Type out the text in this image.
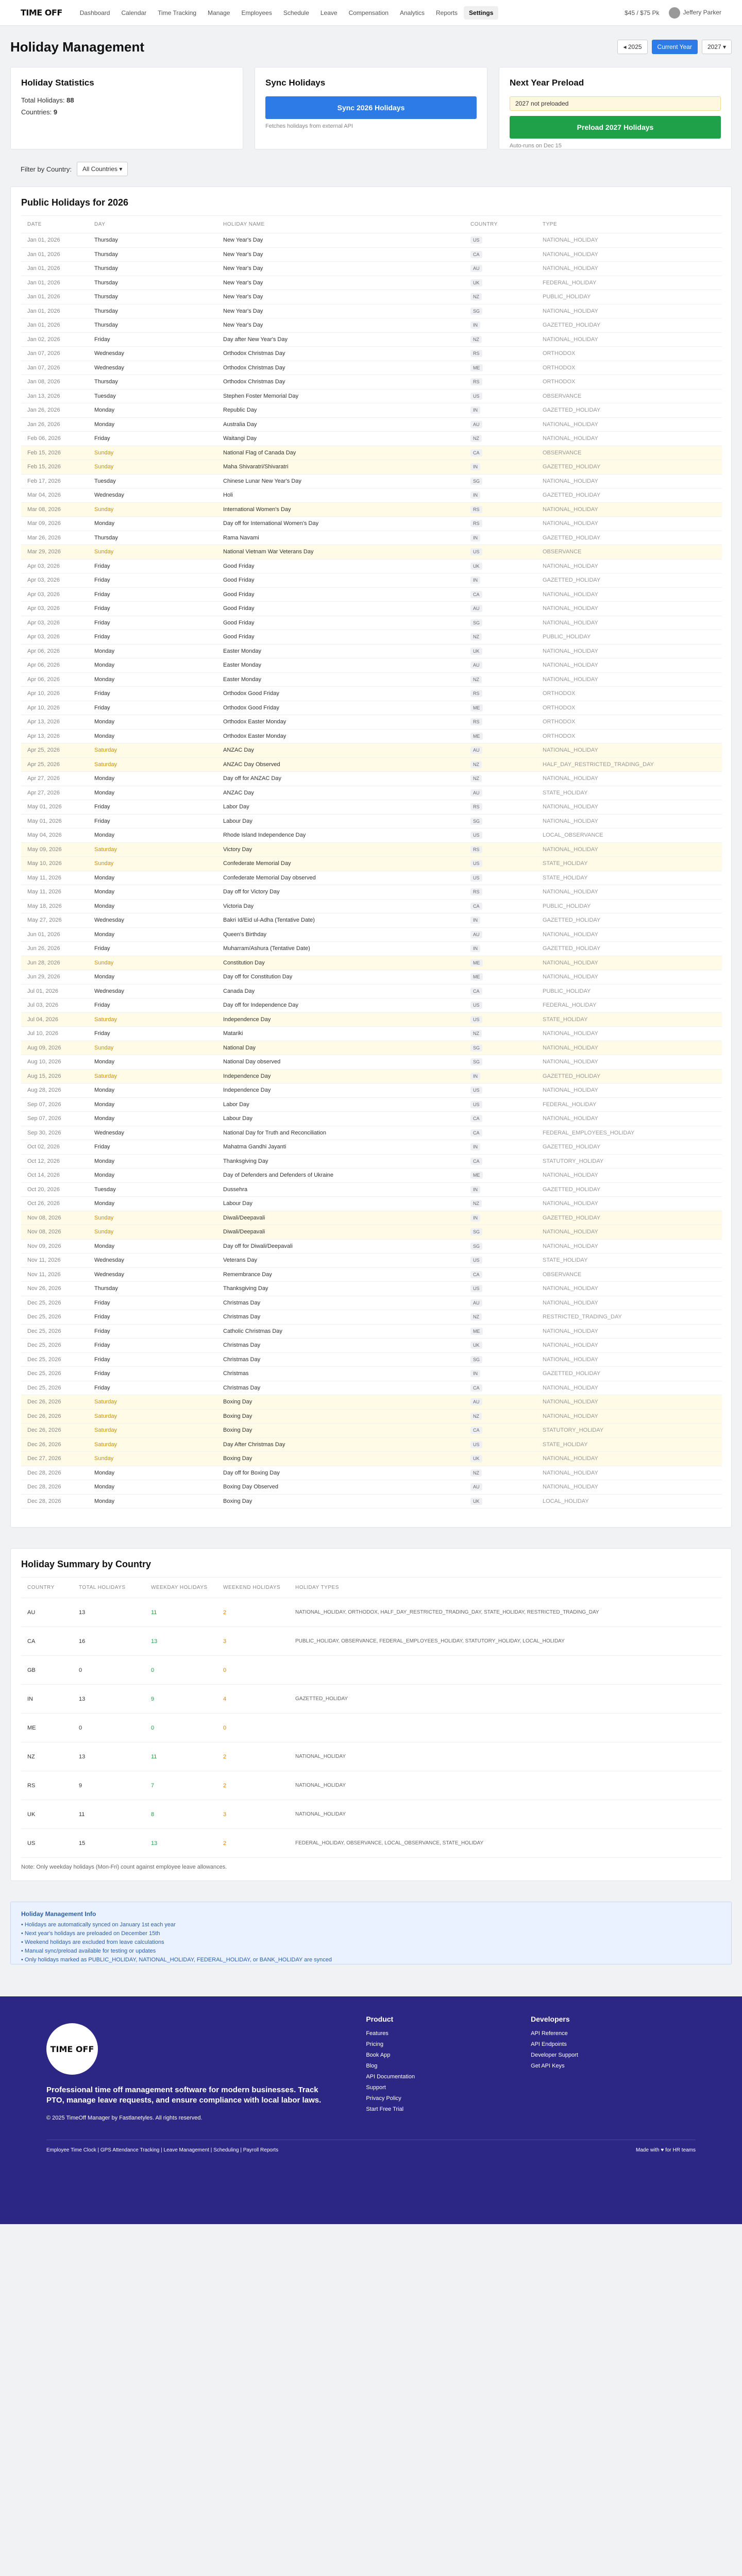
TIME OFF	Dashboard	Calendar	Time Tracking	Manage	Employees	Schedule	Leave	Compensation	Analytics	Reports	Settings	$45 / $75 Pk	Jeffery Parker
Holiday Management	◂ 2025	Current Year	2027 ▾
Holiday Statistics
Total Holidays: 88
Countries: 9
Sync Holidays
Sync 2026 Holidays
Fetches holidays from external API
Next Year Preload
2027 not preloaded
Preload 2027 Holidays
Auto-runs on Dec 15
Filter by Country:	All Countries ▾
Public Holidays for 2026
DATE	DAY	HOLIDAY NAME	COUNTRY	TYPE
Jan 01, 2026	Thursday	New Year's Day	US	NATIONAL_HOLIDAY
Jan 01, 2026	Thursday	New Year's Day	CA	NATIONAL_HOLIDAY
Jan 01, 2026	Thursday	New Year's Day	AU	NATIONAL_HOLIDAY
Jan 01, 2026	Thursday	New Year's Day	UK	FEDERAL_HOLIDAY
Jan 01, 2026	Thursday	New Year's Day	NZ	PUBLIC_HOLIDAY
Jan 01, 2026	Thursday	New Year's Day	SG	NATIONAL_HOLIDAY
Jan 01, 2026	Thursday	New Year's Day	IN	GAZETTED_HOLIDAY
Jan 02, 2026	Friday	Day after New Year's Day	NZ	NATIONAL_HOLIDAY
Jan 07, 2026	Wednesday	Orthodox Christmas Day	RS	ORTHODOX
Jan 07, 2026	Wednesday	Orthodox Christmas Day	ME	ORTHODOX
Jan 08, 2026	Thursday	Orthodox Christmas Day	RS	ORTHODOX
Jan 13, 2026	Tuesday	Stephen Foster Memorial Day	US	OBSERVANCE
Jan 26, 2026	Monday	Republic Day	IN	GAZETTED_HOLIDAY
Jan 26, 2026	Monday	Australia Day	AU	NATIONAL_HOLIDAY
Feb 06, 2026	Friday	Waitangi Day	NZ	NATIONAL_HOLIDAY
Feb 15, 2026	Sunday	National Flag of Canada Day	CA	OBSERVANCE
Feb 15, 2026	Sunday	Maha Shivaratri/Shivaratri	IN	GAZETTED_HOLIDAY
Feb 17, 2026	Tuesday	Chinese Lunar New Year's Day	SG	NATIONAL_HOLIDAY
Mar 04, 2026	Wednesday	Holi	IN	GAZETTED_HOLIDAY
Mar 08, 2026	Sunday	International Women's Day	RS	NATIONAL_HOLIDAY
Mar 09, 2026	Monday	Day off for International Women's Day	RS	NATIONAL_HOLIDAY
Mar 26, 2026	Thursday	Rama Navami	IN	GAZETTED_HOLIDAY
Mar 29, 2026	Sunday	National Vietnam War Veterans Day	US	OBSERVANCE
Apr 03, 2026	Friday	Good Friday	UK	NATIONAL_HOLIDAY
Apr 03, 2026	Friday	Good Friday	IN	GAZETTED_HOLIDAY
Apr 03, 2026	Friday	Good Friday	CA	NATIONAL_HOLIDAY
Apr 03, 2026	Friday	Good Friday	AU	NATIONAL_HOLIDAY
Apr 03, 2026	Friday	Good Friday	SG	NATIONAL_HOLIDAY
Apr 03, 2026	Friday	Good Friday	NZ	PUBLIC_HOLIDAY
Apr 06, 2026	Monday	Easter Monday	UK	NATIONAL_HOLIDAY
Apr 06, 2026	Monday	Easter Monday	AU	NATIONAL_HOLIDAY
Apr 06, 2026	Monday	Easter Monday	NZ	NATIONAL_HOLIDAY
Apr 10, 2026	Friday	Orthodox Good Friday	RS	ORTHODOX
Apr 10, 2026	Friday	Orthodox Good Friday	ME	ORTHODOX
Apr 13, 2026	Monday	Orthodox Easter Monday	RS	ORTHODOX
Apr 13, 2026	Monday	Orthodox Easter Monday	ME	ORTHODOX
Apr 25, 2026	Saturday	ANZAC Day	AU	NATIONAL_HOLIDAY
Apr 25, 2026	Saturday	ANZAC Day Observed	NZ	HALF_DAY_RESTRICTED_TRADING_DAY
Apr 27, 2026	Monday	Day off for ANZAC Day	NZ	NATIONAL_HOLIDAY
Apr 27, 2026	Monday	ANZAC Day	AU	STATE_HOLIDAY
May 01, 2026	Friday	Labor Day	RS	NATIONAL_HOLIDAY
May 01, 2026	Friday	Labour Day	SG	NATIONAL_HOLIDAY
May 04, 2026	Monday	Rhode Island Independence Day	US	LOCAL_OBSERVANCE
May 09, 2026	Saturday	Victory Day	RS	NATIONAL_HOLIDAY
May 10, 2026	Sunday	Confederate Memorial Day	US	STATE_HOLIDAY
May 11, 2026	Monday	Confederate Memorial Day observed	US	STATE_HOLIDAY
May 11, 2026	Monday	Day off for Victory Day	RS	NATIONAL_HOLIDAY
May 18, 2026	Monday	Victoria Day	CA	PUBLIC_HOLIDAY
May 27, 2026	Wednesday	Bakri Id/Eid ul-Adha (Tentative Date)	IN	GAZETTED_HOLIDAY
Jun 01, 2026	Monday	Queen's Birthday	AU	NATIONAL_HOLIDAY
Jun 26, 2026	Friday	Muharram/Ashura (Tentative Date)	IN	GAZETTED_HOLIDAY
Jun 28, 2026	Sunday	Constitution Day	ME	NATIONAL_HOLIDAY
Jun 29, 2026	Monday	Day off for Constitution Day	ME	NATIONAL_HOLIDAY
Jul 01, 2026	Wednesday	Canada Day	CA	PUBLIC_HOLIDAY
Jul 03, 2026	Friday	Day off for Independence Day	US	FEDERAL_HOLIDAY
Jul 04, 2026	Saturday	Independence Day	US	STATE_HOLIDAY
Jul 10, 2026	Friday	Matariki	NZ	NATIONAL_HOLIDAY
Aug 09, 2026	Sunday	National Day	SG	NATIONAL_HOLIDAY
Aug 10, 2026	Monday	National Day observed	SG	NATIONAL_HOLIDAY
Aug 15, 2026	Saturday	Independence Day	IN	GAZETTED_HOLIDAY
Aug 28, 2026	Monday	Independence Day	US	NATIONAL_HOLIDAY
Sep 07, 2026	Monday	Labor Day	US	FEDERAL_HOLIDAY
Sep 07, 2026	Monday	Labour Day	CA	NATIONAL_HOLIDAY
Sep 30, 2026	Wednesday	National Day for Truth and Reconciliation	CA	FEDERAL_EMPLOYEES_HOLIDAY
Oct 02, 2026	Friday	Mahatma Gandhi Jayanti	IN	GAZETTED_HOLIDAY
Oct 12, 2026	Monday	Thanksgiving Day	CA	STATUTORY_HOLIDAY
Oct 14, 2026	Monday	Day of Defenders and Defenders of Ukraine	ME	NATIONAL_HOLIDAY
Oct 20, 2026	Tuesday	Dussehra	IN	GAZETTED_HOLIDAY
Oct 26, 2026	Monday	Labour Day	NZ	NATIONAL_HOLIDAY
Nov 08, 2026	Sunday	Diwali/Deepavali	IN	GAZETTED_HOLIDAY
Nov 08, 2026	Sunday	Diwali/Deepavali	SG	NATIONAL_HOLIDAY
Nov 09, 2026	Monday	Day off for Diwali/Deepavali	SG	NATIONAL_HOLIDAY
Nov 11, 2026	Wednesday	Veterans Day	US	STATE_HOLIDAY
Nov 11, 2026	Wednesday	Remembrance Day	CA	OBSERVANCE
Nov 26, 2026	Thursday	Thanksgiving Day	US	NATIONAL_HOLIDAY
Dec 25, 2026	Friday	Christmas Day	AU	NATIONAL_HOLIDAY
Dec 25, 2026	Friday	Christmas Day	NZ	RESTRICTED_TRADING_DAY
Dec 25, 2026	Friday	Catholic Christmas Day	ME	NATIONAL_HOLIDAY
Dec 25, 2026	Friday	Christmas Day	UK	NATIONAL_HOLIDAY
Dec 25, 2026	Friday	Christmas Day	SG	NATIONAL_HOLIDAY
Dec 25, 2026	Friday	Christmas	IN	GAZETTED_HOLIDAY
Dec 25, 2026	Friday	Christmas Day	CA	NATIONAL_HOLIDAY
Dec 26, 2026	Saturday	Boxing Day	AU	NATIONAL_HOLIDAY
Dec 26, 2026	Saturday	Boxing Day	NZ	NATIONAL_HOLIDAY
Dec 26, 2026	Saturday	Boxing Day	CA	STATUTORY_HOLIDAY
Dec 26, 2026	Saturday	Day After Christmas Day	US	STATE_HOLIDAY
Dec 27, 2026	Sunday	Boxing Day	UK	NATIONAL_HOLIDAY
Dec 28, 2026	Monday	Day off for Boxing Day	NZ	NATIONAL_HOLIDAY
Dec 28, 2026	Monday	Boxing Day Observed	AU	NATIONAL_HOLIDAY
Dec 28, 2026	Monday	Boxing Day	UK	LOCAL_HOLIDAY
Holiday Summary by Country
COUNTRY	TOTAL HOLIDAYS	WEEKDAY HOLIDAYS	WEEKEND HOLIDAYS	HOLIDAY TYPES
AU	13	11	2	NATIONAL_HOLIDAY, ORTHODOX, HALF_DAY_RESTRICTED_TRADING_DAY, STATE_HOLIDAY, RESTRICTED_TRADING_DAY
CA	16	13	3	PUBLIC_HOLIDAY, OBSERVANCE, FEDERAL_EMPLOYEES_HOLIDAY, STATUTORY_HOLIDAY, LOCAL_HOLIDAY
GB	0	0	0	
IN	13	9	4	GAZETTED_HOLIDAY
ME	0	0	0	
NZ	13	11	2	NATIONAL_HOLIDAY
RS	9	7	2	NATIONAL_HOLIDAY
UK	11	8	3	NATIONAL_HOLIDAY
US	15	13	2	FEDERAL_HOLIDAY, OBSERVANCE, LOCAL_OBSERVANCE, STATE_HOLIDAY
Note: Only weekday holidays (Mon-Fri) count against employee leave allowances.
Holiday Management Info
• Holidays are automatically synced on January 1st each year
• Next year's holidays are preloaded on December 15th
• Weekend holidays are excluded from leave calculations
• Manual sync/preload available for testing or updates
• Only holidays marked as PUBLIC_HOLIDAY, NATIONAL_HOLIDAY, FEDERAL_HOLIDAY, or BANK_HOLIDAY are synced
TIME OFF

Professional time off management software for modern businesses. Track PTO, manage leave requests, and ensure compliance with local labor laws.

© 2025 TimeOff Manager by Fastlanetyles. All rights reserved.

Product
Features
Pricing
Book App
Blog
API Documentation
Support
Privacy Policy
Start Free Trial
Developers
API Reference
API Endpoints
Developer Support
Get API Keys
Employee Time Clock | GPS Attendance Tracking | Leave Management | Scheduling | Payroll Reports	Made with ♥ for HR teams
